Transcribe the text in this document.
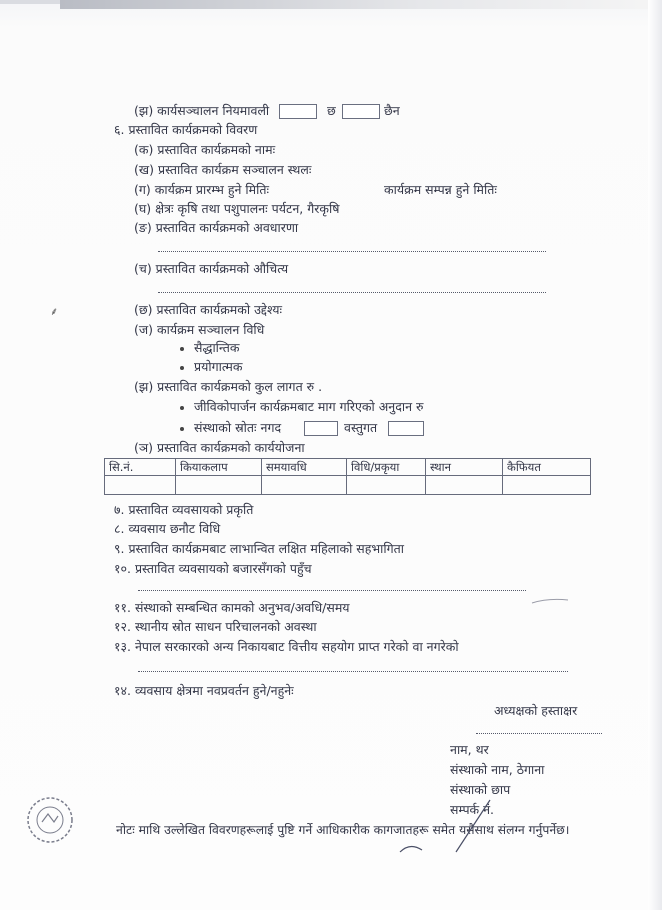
(झ) कार्यसञ्चालन नियमावली	छ	छैन
६. प्रस्तावित कार्यक्रमको विवरण
(क) प्रस्तावित कार्यक्रमको नामः
(ख) प्रस्तावित कार्यक्रम सञ्चालन स्थलः
(ग) कार्यक्रम प्रारम्भ हुने मितिः	कार्यक्रम सम्पन्न हुने मितिः
(घ) क्षेत्रः कृषि तथा पशुपालनः पर्यटन, गैरकृषि
(ङ) प्रस्तावित कार्यक्रमको अवधारणा
(च) प्रस्तावित कार्यक्रमको औचित्य
(छ) प्रस्तावित कार्यक्रमको उद्देश्यः
(ज) कार्यक्रम सञ्चालन विधि
सैद्धान्तिक
प्रयोगात्मक
(झ) प्रस्तावित कार्यक्रमको कुल लागत रु .
जीविकोपार्जन कार्यक्रमबाट माग गरिएको अनुदान रु
संस्थाको स्रोतः नगद	वस्तुगत
(ञ) प्रस्तावित कार्यक्रमको कार्ययोजना
सि.नं.	कियाकलाप	समयावधि	विधि/प्रकृया	स्थान	कैफियत

७. प्रस्तावित व्यवसायको प्रकृति
८. व्यवसाय छनौट विधि
९. प्रस्तावित कार्यक्रमबाट लाभान्वित लक्षित महिलाको सहभागिता
१०. प्रस्तावित व्यवसायको बजारसँगको पहुँच
११. संस्थाको सम्बन्धित कामको अनुभव/अवधि/समय
१२. स्थानीय स्रोत साधन परिचालनको अवस्था
१३. नेपाल सरकारको अन्य निकायबाट वित्तीय सहयोग प्राप्त गरेको वा नगरेको
१४. व्यवसाय क्षेत्रमा नवप्रवर्तन हुने/नहुनेः
अध्यक्षको हस्ताक्षर
नाम, थर
संस्थाको नाम, ठेगाना
संस्थाको छाप
सम्पर्क नं.
नोटः माथि उल्लेखित विवरणहरूलाई पुष्टि गर्ने आधिकारीक कागजातहरू समेत यसैसाथ संलग्न गर्नुपर्नेछ।
⸙
